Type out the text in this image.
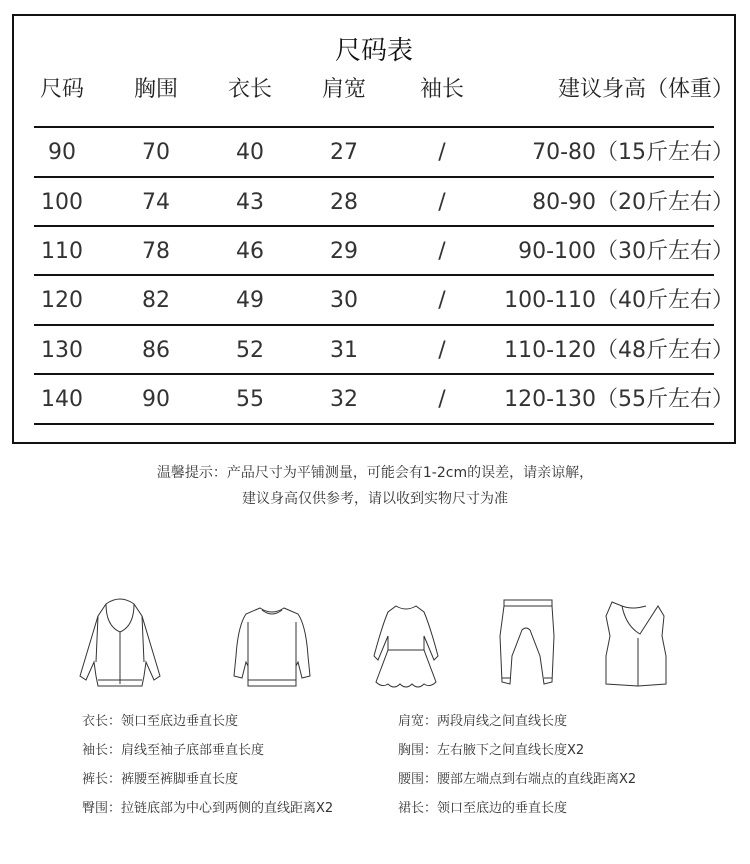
尺码表
尺码 胸围 衣长 肩宽 袖长	建议身高（体重）
90	70	40	27	/	70-80（15斤左右）
100	74	43	28	/	80-90（20斤左右）
110	78	46	29	/	90-100（30斤左右）
120	82	49	30	/	100-110（40斤左右）
130	86	52	31	/	110-120（48斤左右）
140	90	55	32	/	120-130（55斤左右）
温馨提示：产品尺寸为平铺测量，可能会有1-2cm的误差，请亲谅解，
建议身高仅供参考，请以收到实物尺寸为准
衣长：领口至底边垂直长度
袖长：肩线至袖子底部垂直长度
裤长：裤腰至裤脚垂直长度
臀围：拉链底部为中心到两侧的直线距离X2
肩宽：两段肩线之间直线长度
胸围：左右腋下之间直线长度X2
腰围：腰部左端点到右端点的直线距离X2
裙长：领口至底边的垂直长度
